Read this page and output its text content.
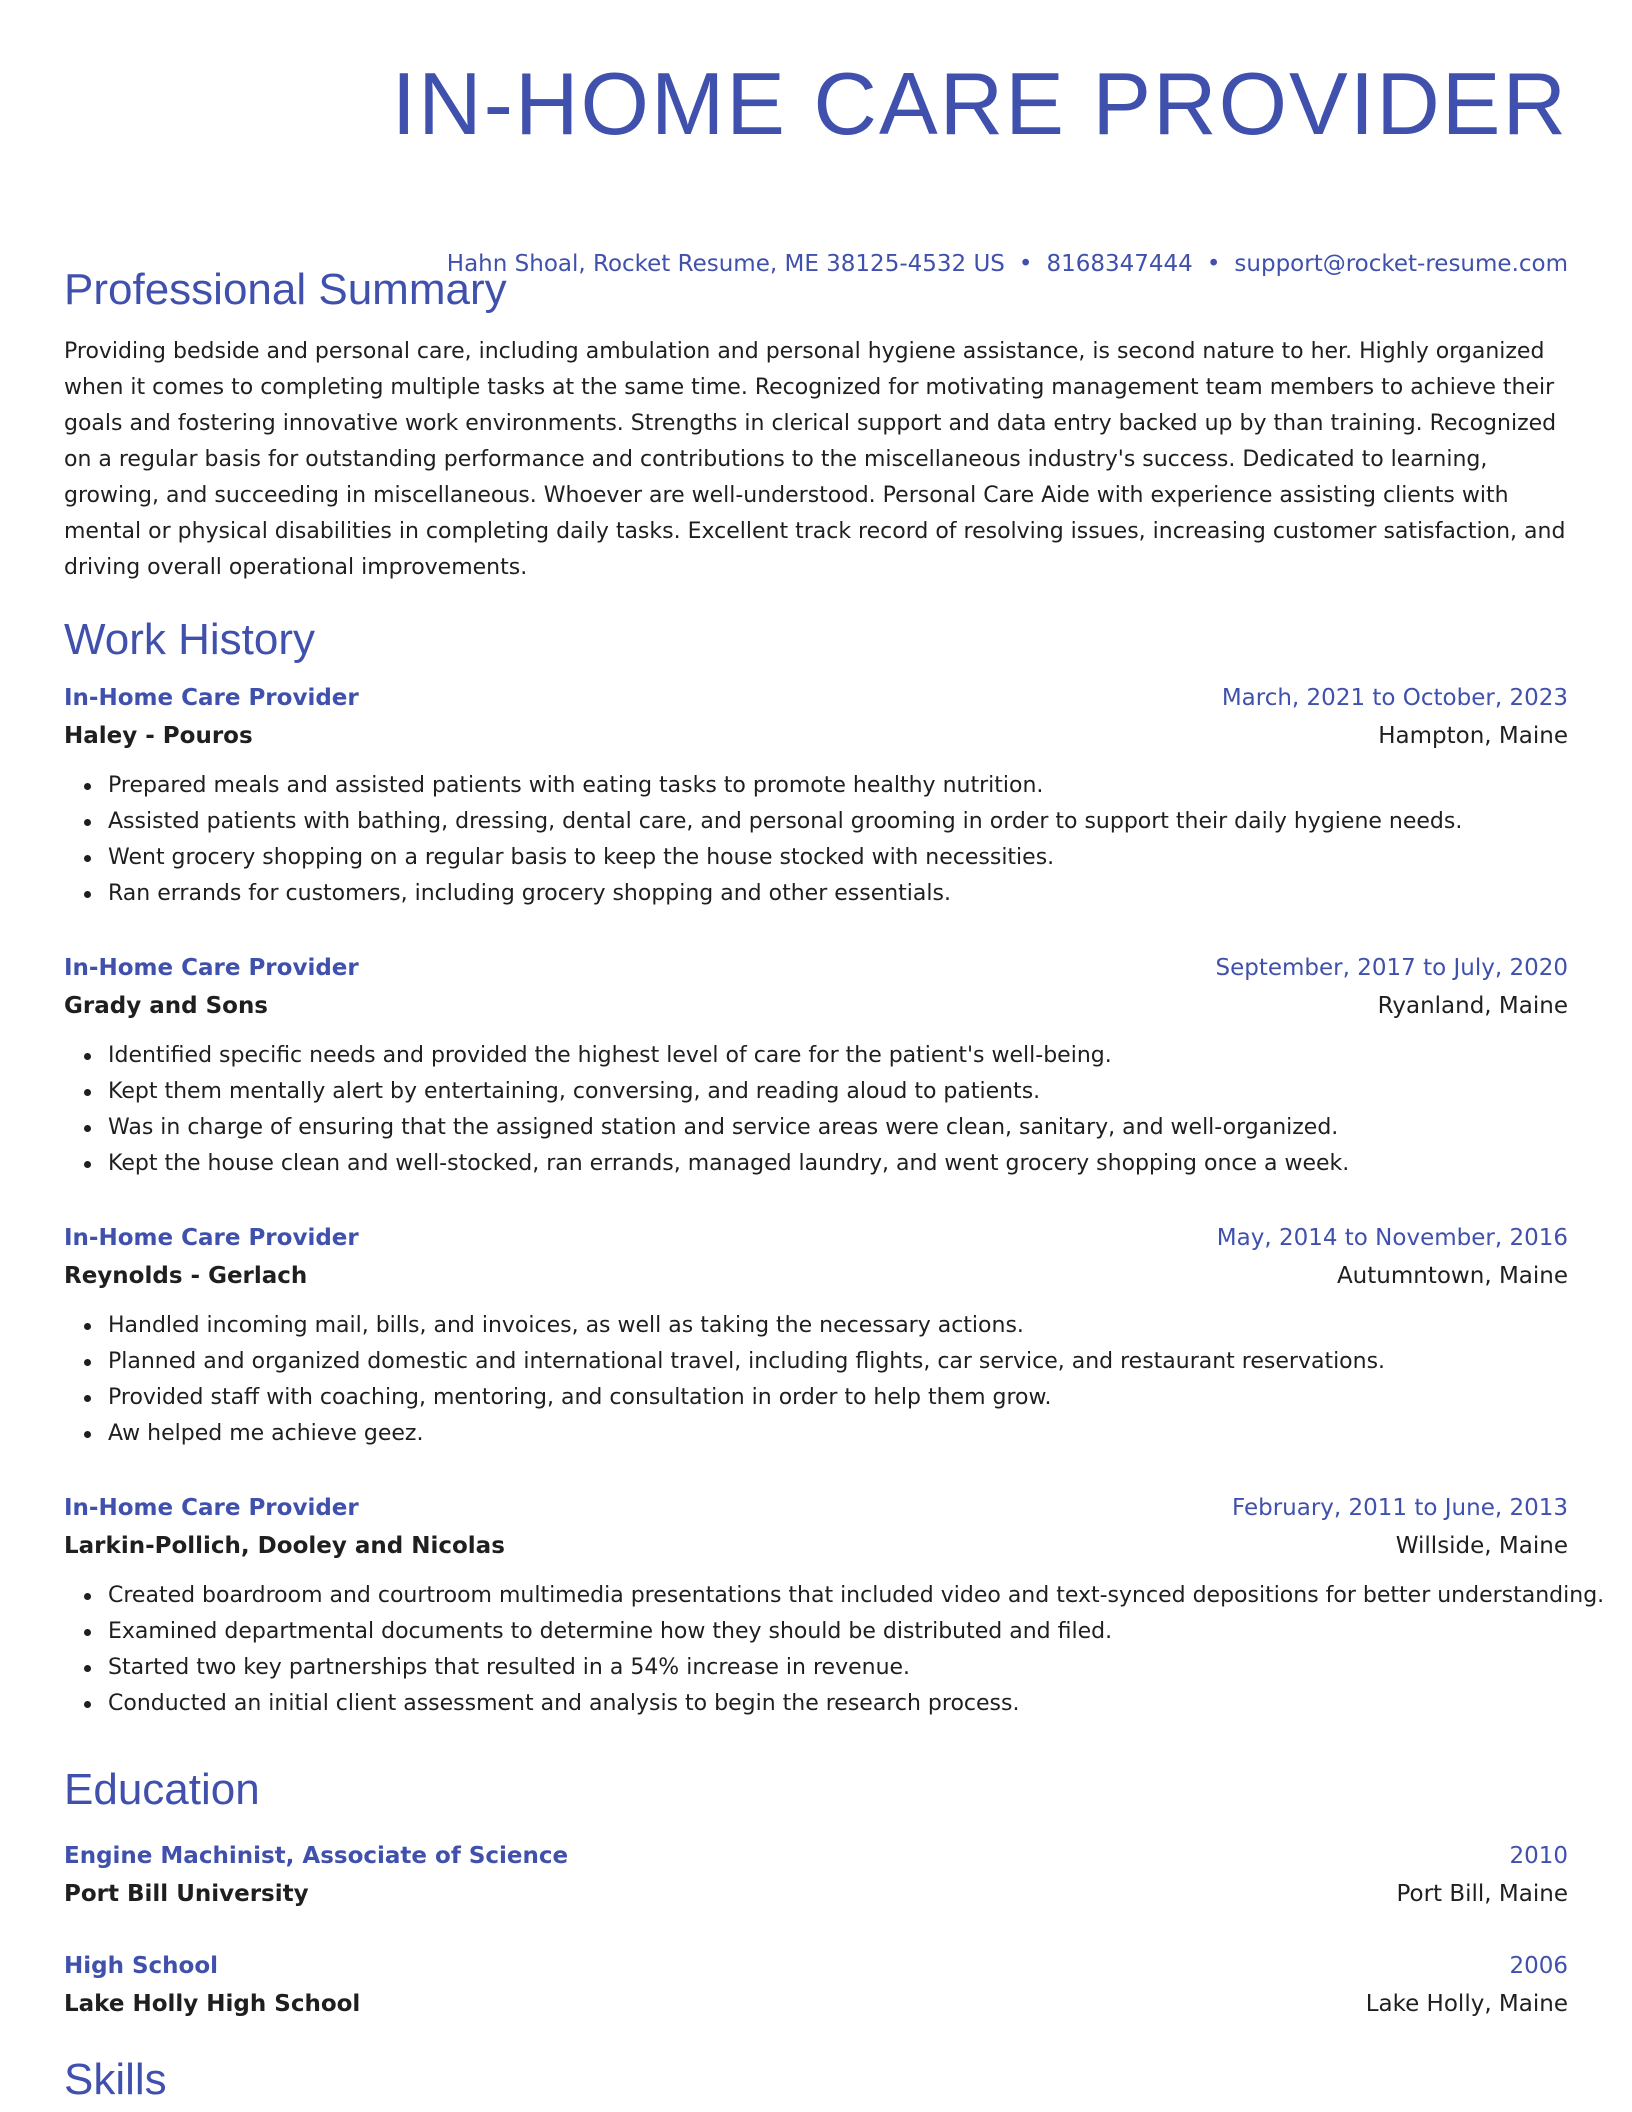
IN-HOME CARE PROVIDER
Hahn Shoal, Rocket Resume, ME 38125-4532 US • 8168347444 • support@rocket-resume.com
Professional Summary

Providing bedside and personal care, including ambulation and personal hygiene assistance, is second nature to her. Highly organized when it comes to completing multiple tasks at the same time. Recognized for motivating management team members to achieve their goals and fostering innovative work environments. Strengths in clerical support and data entry backed up by than training. Recognized on a regular basis for outstanding performance and contributions to the miscellaneous industry's success. Dedicated to learning, growing, and succeeding in miscellaneous. Whoever are well-understood. Personal Care Aide with experience assisting clients with mental or physical disabilities in completing daily tasks. Excellent track record of resolving issues, increasing customer satisfaction, and driving overall operational improvements.

Work History
In-Home Care Provider	March, 2021 to October, 2023
Haley - Pouros	Hampton, Maine
Prepared meals and assisted patients with eating tasks to promote healthy nutrition.
Assisted patients with bathing, dressing, dental care, and personal grooming in order to support their daily hygiene needs.
Went grocery shopping on a regular basis to keep the house stocked with necessities.
Ran errands for customers, including grocery shopping and other essentials.
In-Home Care Provider	September, 2017 to July, 2020
Grady and Sons	Ryanland, Maine
Identified specific needs and provided the highest level of care for the patient's well-being.
Kept them mentally alert by entertaining, conversing, and reading aloud to patients.
Was in charge of ensuring that the assigned station and service areas were clean, sanitary, and well-organized.
Kept the house clean and well-stocked, ran errands, managed laundry, and went grocery shopping once a week.
In-Home Care Provider	May, 2014 to November, 2016
Reynolds - Gerlach	Autumntown, Maine
Handled incoming mail, bills, and invoices, as well as taking the necessary actions.
Planned and organized domestic and international travel, including flights, car service, and restaurant reservations.
Provided staff with coaching, mentoring, and consultation in order to help them grow.
Aw helped me achieve geez.
In-Home Care Provider	February, 2011 to June, 2013
Larkin-Pollich, Dooley and Nicolas	Willside, Maine
Created boardroom and courtroom multimedia presentations that included video and text-synced depositions for better understanding.
Examined departmental documents to determine how they should be distributed and filed.
Started two key partnerships that resulted in a 54% increase in revenue.
Conducted an initial client assessment and analysis to begin the research process.
Education
Engine Machinist, Associate of Science	2010
Port Bill University	Port Bill, Maine
High School	2006
Lake Holly High School	Lake Holly, Maine
Skills
